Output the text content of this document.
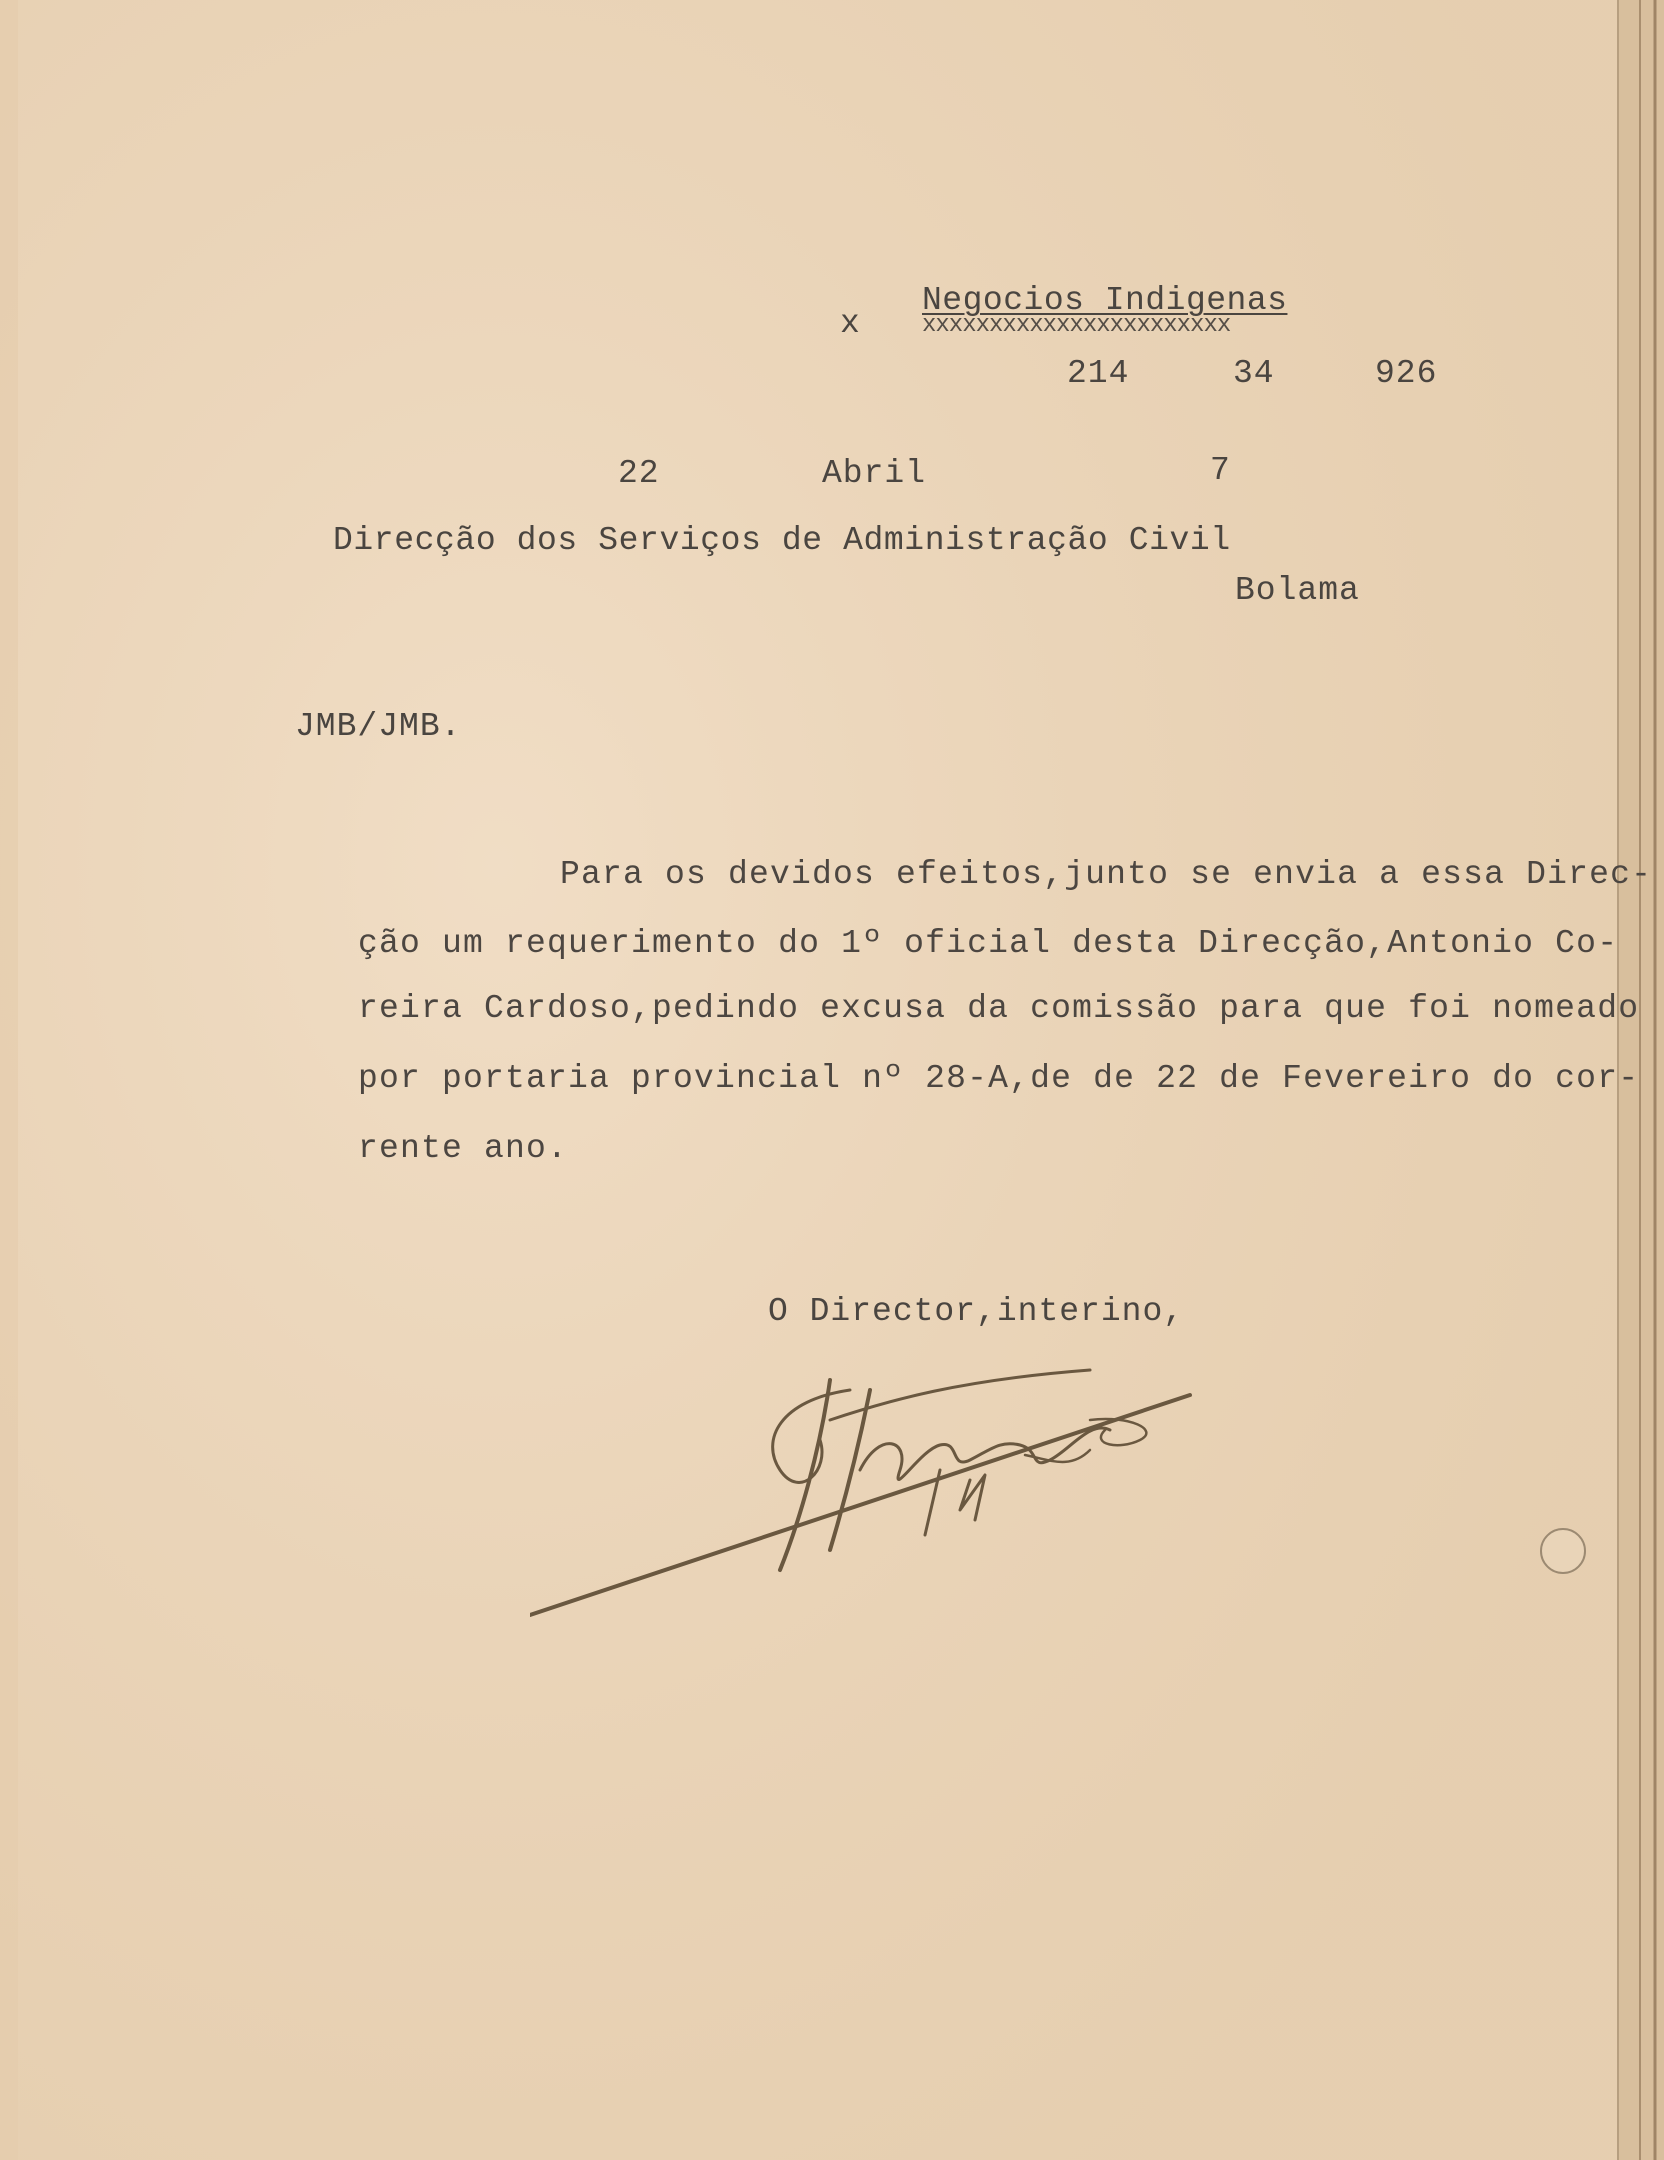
x
Negocios Indigenas
xxxxxxxxxxxxxxxxxxxxxxx
214	34	926
22	Abril	7
Direcção dos Serviços de Administração Civil
Bolama
JMB/JMB.
Para os devidos efeitos,junto se envia a essa Direc-
ção um requerimento do 1º oficial desta Direcção,Antonio Co-
reira Cardoso,pedindo excusa da comissão para que foi nomeado
por portaria provincial nº 28-A,de de 22 de Fevereiro do cor-
rente ano.
O Director,interino,
